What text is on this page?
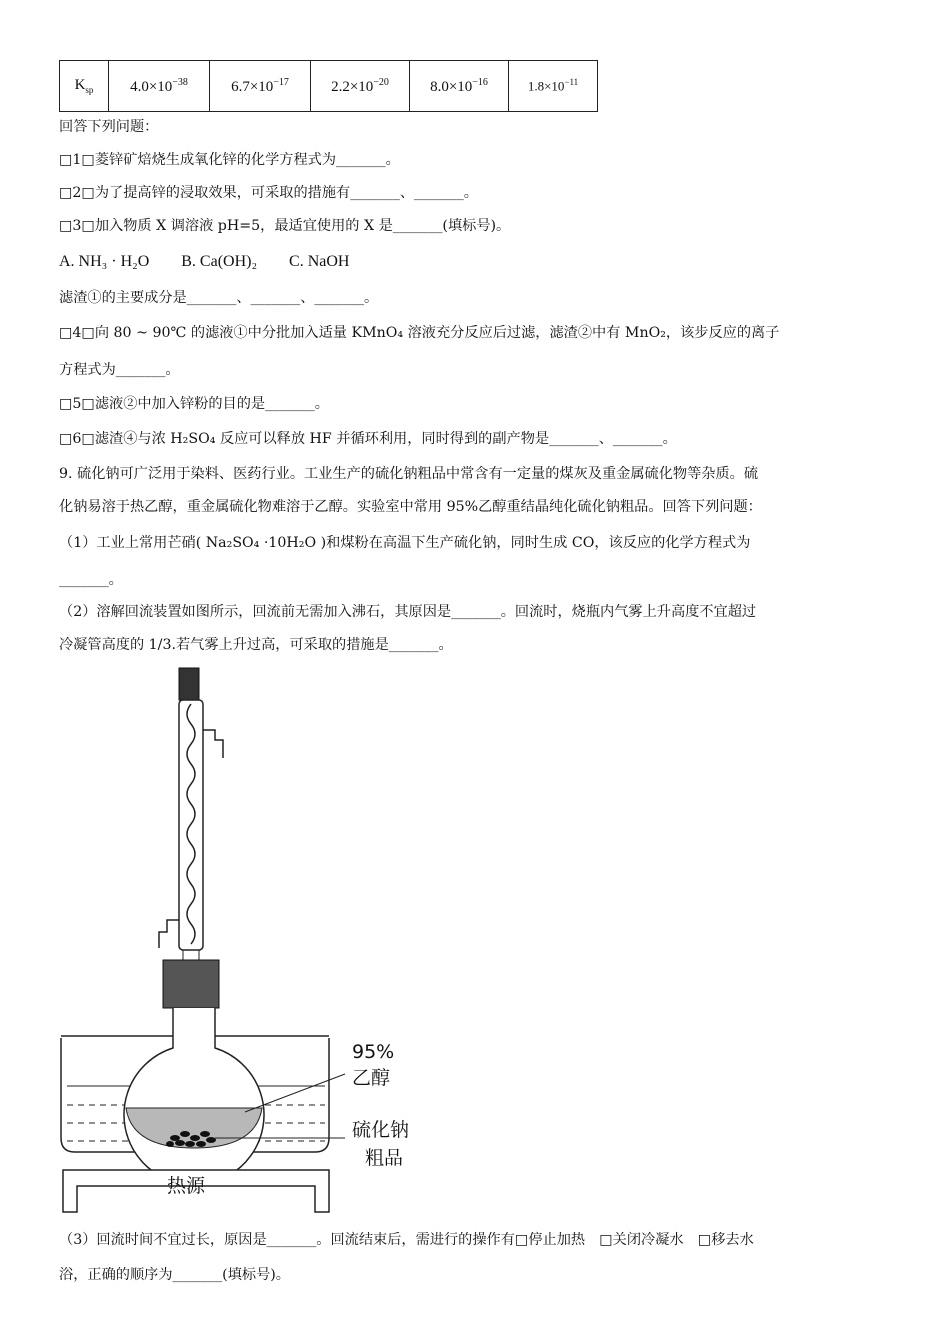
$K_{sp}$	$4.0\times 10^{-38}$	$6.7\times 10^{-17}$	$2.2\times 10^{-20}$	$8.0\times 10^{-16}$	$1.8\times 10^{-11}$
回答下列问题：
□1□菱锌矿焙烧生成氧化锌的化学方程式为_______。
□2□为了提高锌的浸取效果，可采取的措施有_______、_______。
□3□加入物质 X 调溶液 pH=5，最适宜使用的 X 是_______(填标号)。
A. NH₃ · H₂O　　B. Ca(OH)₂　　C. NaOH
滤渣①的主要成分是_______、_______、_______。
□4□向 80 ~ 90℃ 的滤液①中分批加入适量 KMnO₄ 溶液充分反应后过滤，滤渣②中有 MnO₂，该步反应的离子
方程式为_______。
□5□滤液②中加入锌粉的目的是_______。
□6□滤渣④与浓 H₂SO₄ 反应可以释放 HF 并循环利用，同时得到的副产物是_______、_______。
9. 硫化钠可广泛用于染料、医药行业。工业生产的硫化钠粗品中常含有一定量的煤灰及重金属硫化物等杂质。硫
化钠易溶于热乙醇，重金属硫化物难溶于乙醇。实验室中常用 95%乙醇重结晶纯化硫化钠粗品。回答下列问题：
（1）工业上常用芒硝( Na₂SO₄ ·10H₂O )和煤粉在高温下生产硫化钠，同时生成 CO，该反应的化学方程式为
_______。
（2）溶解回流装置如图所示，回流前无需加入沸石，其原因是_______。回流时，烧瓶内气雾上升高度不宜超过
冷凝管高度的 1/3.若气雾上升过高，可采取的措施是_______。
95%
乙醇
硫化钠
粗品
热源
（3）回流时间不宜过长，原因是_______。回流结束后，需进行的操作有□停止加热　□关闭冷凝水　□移去水
浴，正确的顺序为_______(填标号)。
